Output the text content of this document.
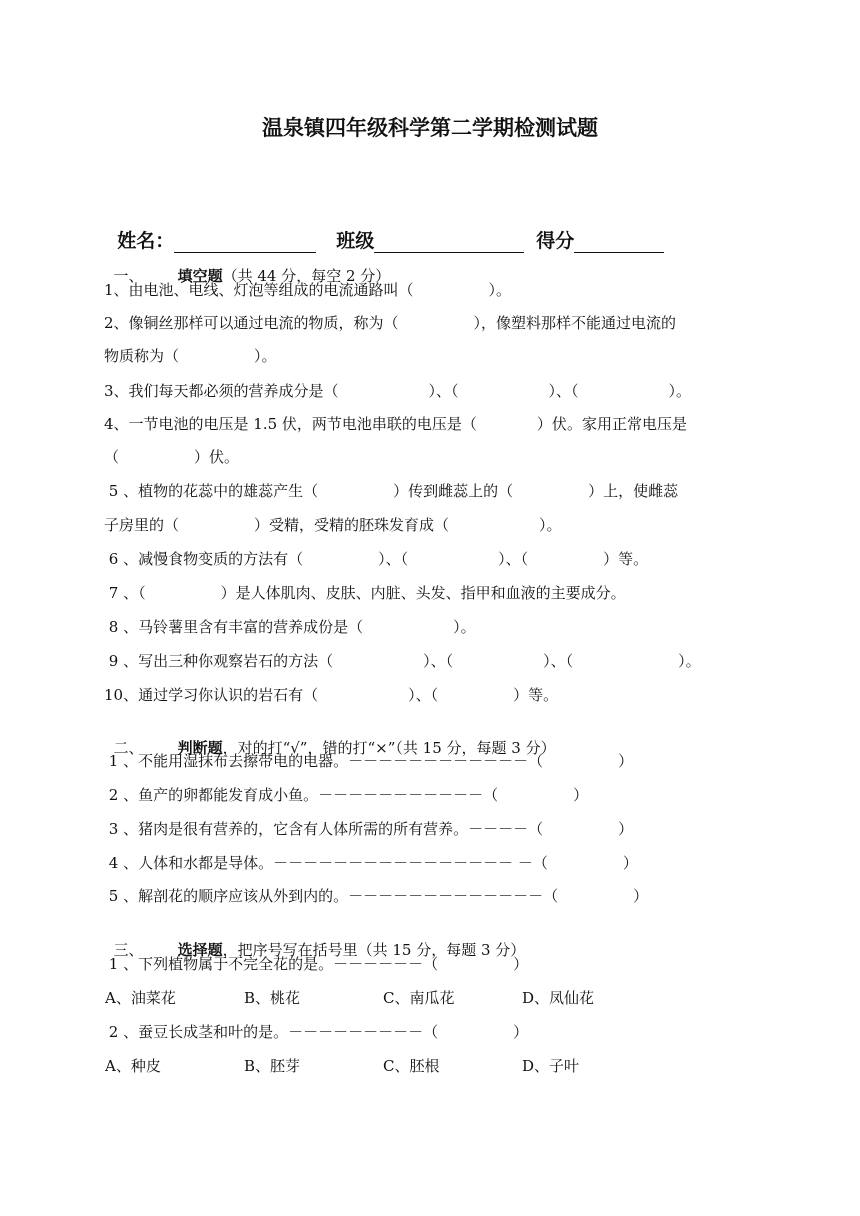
温泉镇四年级科学第二学期检测试题

姓名：	班级	得分

一、 填空题（共 44 分，每空 2 分）

1、由电池、电线、灯泡等组成的电流通路叫（　　　　　）。
2、像铜丝那样可以通过电流的物质，称为（　　　　　），像塑料那样不能通过电流的
物质称为（　　　　　）。
3、我们每天都必须的营养成分是（　　　　　　）、（　　　　　　）、（　　　　　　）。
4、一节电池的电压是 1.5 伏，两节电池串联的电压是（　　　　）伏。家用正常电压是
（　　　　　）伏。
5 、植物的花蕊中的雄蕊产生（　　　　　）传到雌蕊上的（　　　　　）上，使雌蕊
子房里的（　　　　　）受精，受精的胚珠发育成（　　　　　　）。
6 、减慢食物变质的方法有（　　　　　）、（　　　　　　）、（　　　　　）等。
7 、（　　　　　）是人体肌肉、皮肤、内脏、头发、指甲和血液的主要成分。
8 、马铃薯里含有丰富的营养成份是（　　　　　　）。
9 、写出三种你观察岩石的方法（　　　　　　）、（　　　　　　）、（　　　　　　　）。
10、通过学习你认识的岩石有（　　　　　　）、（　　　　　）等。

二、 判断题，对的打“√”，错的打“×”（共 15 分，每题 3 分）

1 、不能用湿抹布去擦带电的电器。－－－－－－－－－－－－（　　　　　）
2 、鱼产的卵都能发育成小鱼。－－－－－－－－－－－（　　　　　）
3 、猪肉是很有营养的，它含有人体所需的所有营养。－－－－（　　　　　）
4 、人体和水都是导体。－－－－－－－－－－－－－－－－ －（　　　　　）
5 、解剖花的顺序应该从外到内的。－－－－－－－－－－－－－（　　　　　）

三、 选择题，把序号写在括号里（共 15 分，每题 3 分）

1 、下列植物属于不完全花的是。－－－－－－（　　　　　）
A、油菜花	B、桃花	C、南瓜花	D、凤仙花
2 、蚕豆长成茎和叶的是。－－－－－－－－－（　　　　　）
A、种皮	B、胚芽	C、胚根	D、子叶
